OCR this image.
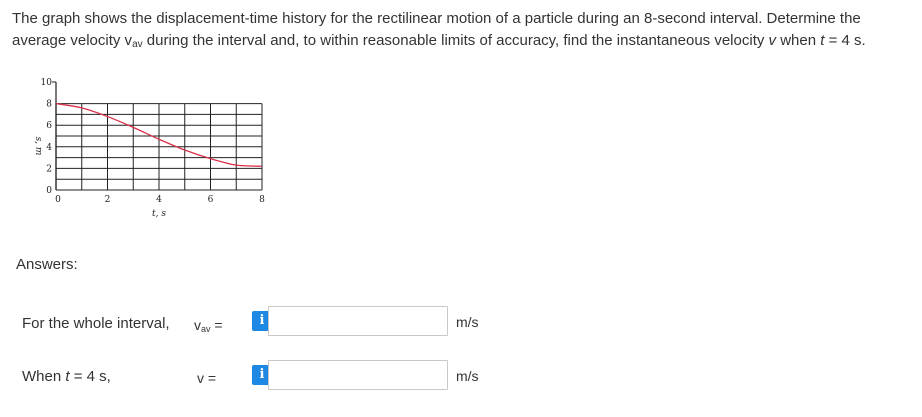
The graph shows the displacement-time history for the rectilinear motion of a particle during an 8-second interval. Determine the
average velocity $v_{av}$ during the interval and, to within reasonable limits of accuracy, find the instantaneous velocity v when t = 4 s.
0
2
4
6
8
10
0	2	4	6	8
t, s
s, m
Answers:
For the whole interval, $v_{av}$ =	i	m/s
When t = 4 s,	v =	i	m/s
